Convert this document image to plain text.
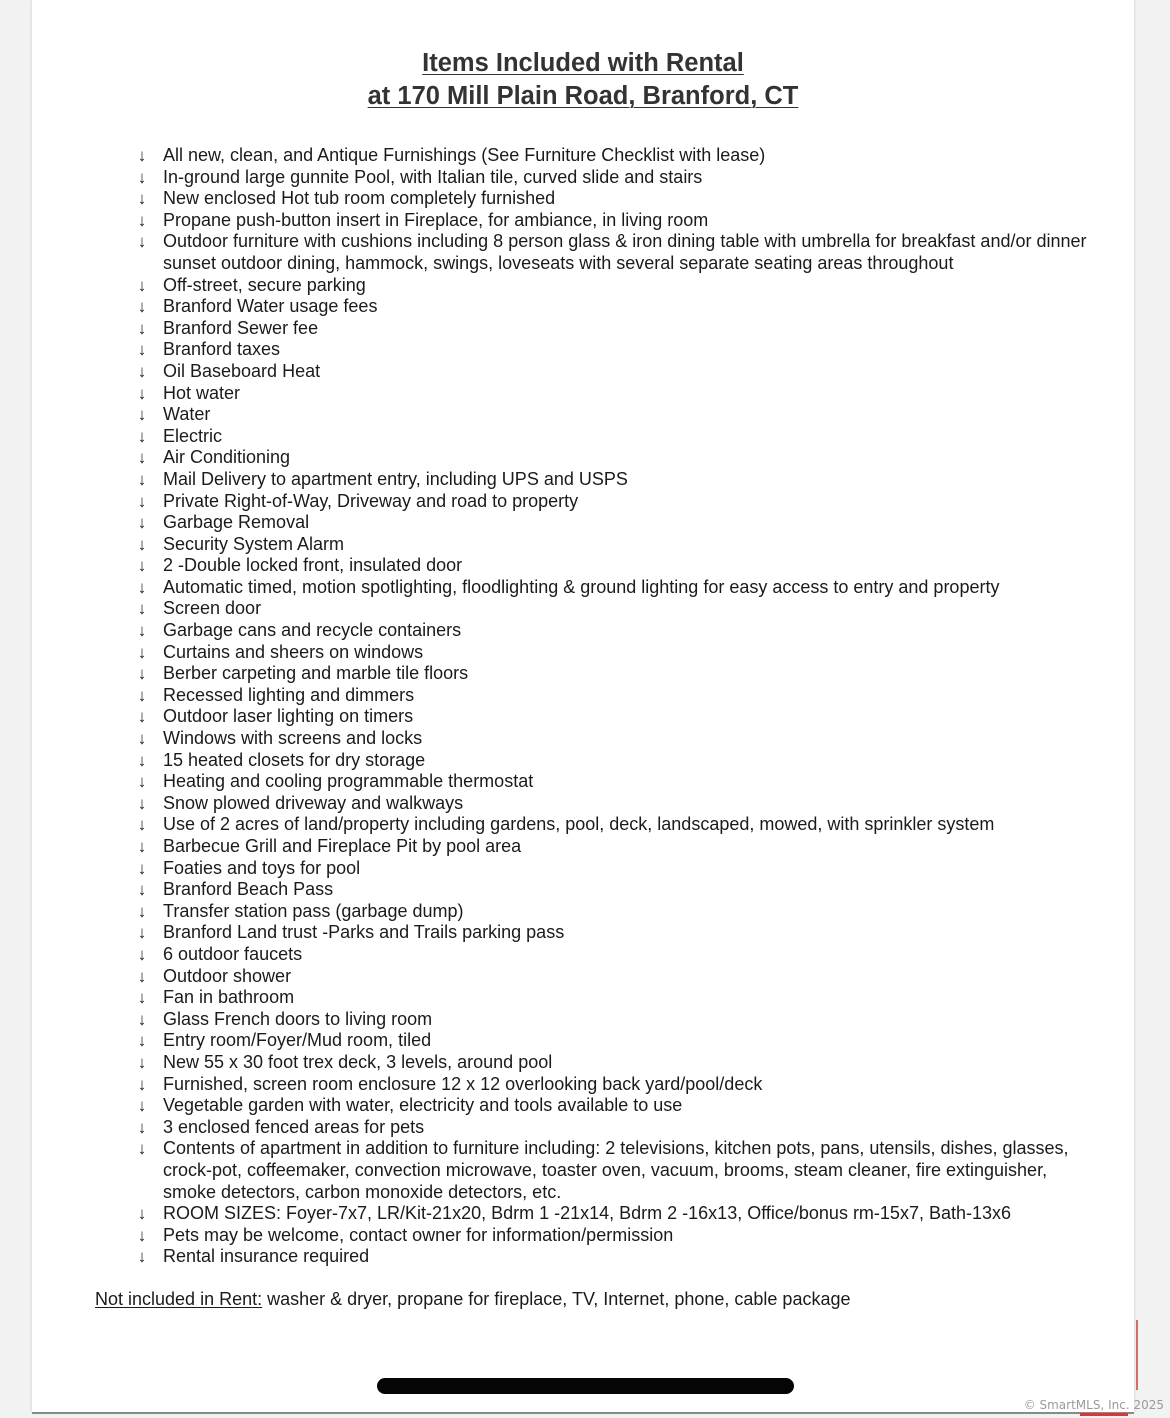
Items Included with Rental
at 170 Mill Plain Road, Branford, CT
↓ All new, clean, and Antique Furnishings (See Furniture Checklist with lease)
↓ In-ground large gunnite Pool, with Italian tile, curved slide and stairs
↓ New enclosed Hot tub room completely furnished
↓ Propane push-button insert in Fireplace, for ambiance, in living room
↓ Outdoor furniture with cushions including 8 person glass & iron dining table with umbrella for breakfast and/or dinner sunset outdoor dining, hammock, swings, loveseats with several separate seating areas throughout
↓ Off-street, secure parking
↓ Branford Water usage fees
↓ Branford Sewer fee
↓ Branford taxes
↓ Oil Baseboard Heat
↓ Hot water
↓ Water
↓ Electric
↓ Air Conditioning
↓ Mail Delivery to apartment entry, including UPS and USPS
↓ Private Right-of-Way, Driveway and road to property
↓ Garbage Removal
↓ Security System Alarm
↓ 2 -Double locked front, insulated door
↓ Automatic timed, motion spotlighting, floodlighting & ground lighting for easy access to entry and property
↓ Screen door
↓ Garbage cans and recycle containers
↓ Curtains and sheers on windows
↓ Berber carpeting and marble tile floors
↓ Recessed lighting and dimmers
↓ Outdoor laser lighting on timers
↓ Windows with screens and locks
↓ 15 heated closets for dry storage
↓ Heating and cooling programmable thermostat
↓ Snow plowed driveway and walkways
↓ Use of 2 acres of land/property including gardens, pool, deck, landscaped, mowed, with sprinkler system
↓ Barbecue Grill and Fireplace Pit by pool area
↓ Foaties and toys for pool
↓ Branford Beach Pass
↓ Transfer station pass (garbage dump)
↓ Branford Land trust -Parks and Trails parking pass
↓ 6 outdoor faucets
↓ Outdoor shower
↓ Fan in bathroom
↓ Glass French doors to living room
↓ Entry room/Foyer/Mud room, tiled
↓ New 55 x 30 foot trex deck, 3 levels, around pool
↓ Furnished, screen room enclosure 12 x 12 overlooking back yard/pool/deck
↓ Vegetable garden with water, electricity and tools available to use
↓ 3 enclosed fenced areas for pets
↓ Contents of apartment in addition to furniture including: 2 televisions, kitchen pots, pans, utensils, dishes, glasses, crock-pot, coffeemaker, convection microwave, toaster oven, vacuum, brooms, steam cleaner, fire extinguisher, smoke detectors, carbon monoxide detectors, etc.
↓ ROOM SIZES: Foyer-7x7, LR/Kit-21x20, Bdrm 1 -21x14, Bdrm 2 -16x13, Office/bonus rm-15x7, Bath-13x6
↓ Pets may be welcome, contact owner for information/permission
↓ Rental insurance required

Not included in Rent: washer & dryer, propane for fireplace, TV, Internet, phone, cable package

© SmartMLS, Inc. 2025
